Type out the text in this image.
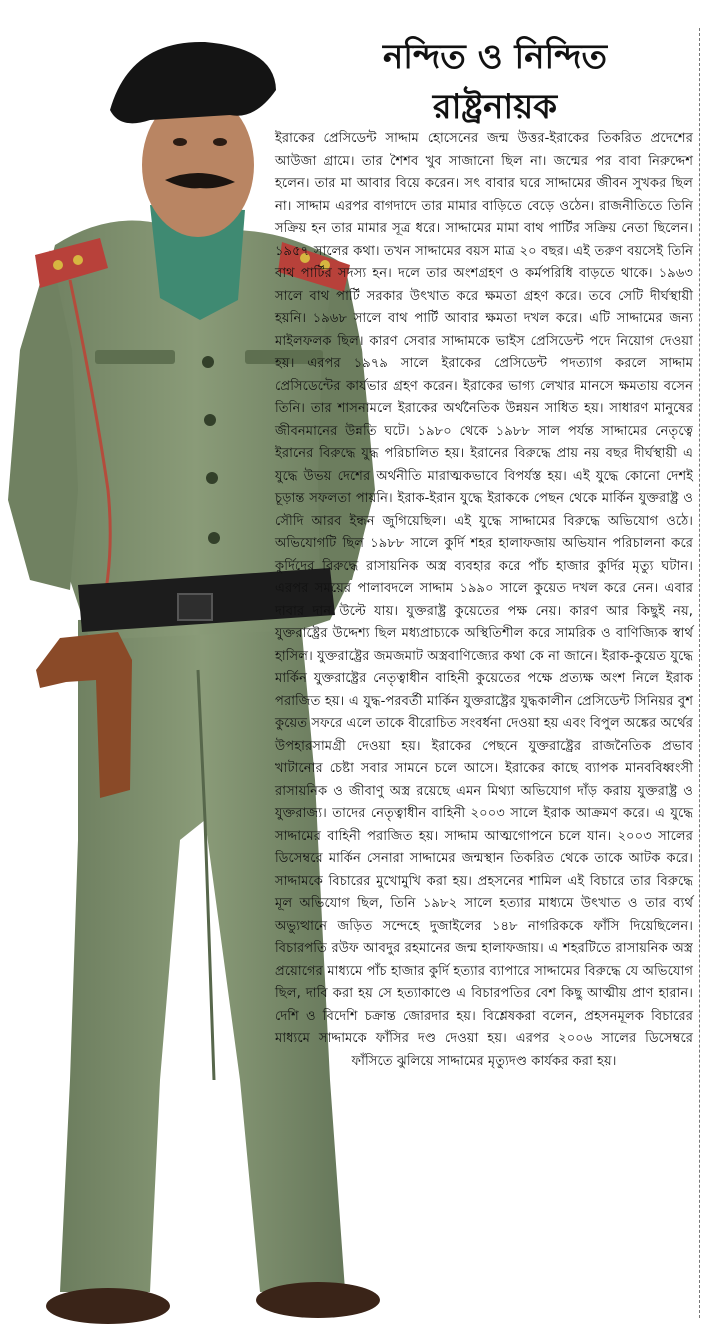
নন্দিত ও নিন্দিত
রাষ্ট্রনায়ক

ইরাকের প্রেসিডেন্ট সাদ্দাম হোসেনের জন্ম উত্তর-ইরাকের তিকরিত প্রদেশের আউজা গ্রামে। তার শৈশব খুব সাজানো ছিল না। জন্মের পর বাবা নিরুদ্দেশ হলেন। তার মা আবার বিয়ে করেন। সৎ বাবার ঘরে সাদ্দামের জীবন সুখকর ছিল না। সাদ্দাম এরপর বাগদাদে তার মামার বাড়িতে বেড়ে ওঠেন। রাজনীতিতে তিনি সক্রিয় হন তার মামার সূত্র ধরে। সাদ্দামের মামা বাথ পার্টির সক্রিয় নেতা ছিলেন। ১৯৫৭ সালের কথা। তখন সাদ্দামের বয়স মাত্র ২০ বছর। এই তরুণ বয়সেই তিনি বাথ পার্টির সদস্য হন। দলে তার অংশগ্রহণ ও কর্মপরিধি বাড়তে থাকে। ১৯৬৩ সালে বাথ পার্টি সরকার উৎখাত করে ক্ষমতা গ্রহণ করে। তবে সেটি দীর্ঘস্থায়ী হয়নি। ১৯৬৮ সালে বাথ পার্টি আবার ক্ষমতা দখল করে। এটি সাদ্দামের জন্য মাইলফলক ছিল। কারণ সেবার সাদ্দামকে ভাইস প্রেসিডেন্ট পদে নিয়োগ দেওয়া হয়। এরপর ১৯৭৯ সালে ইরাকের প্রেসিডেন্ট পদত্যাগ করলে সাদ্দাম প্রেসিডেন্টের কার্যভার গ্রহণ করেন। ইরাকের ভাগ্য লেখার মানসে ক্ষমতায় বসেন তিনি। তার শাসনামলে ইরাকের অর্থনৈতিক উন্নয়ন সাধিত হয়। সাধারণ মানুষের জীবনমানের উন্নতি ঘটে। ১৯৮০ থেকে ১৯৮৮ সাল পর্যন্ত সাদ্দামের নেতৃত্বে ইরানের বিরুদ্ধে যুদ্ধ পরিচালিত হয়। ইরানের বিরুদ্ধে প্রায় নয় বছর দীর্ঘস্থায়ী এ যুদ্ধে উভয় দেশের অর্থনীতি মারাত্মকভাবে বিপর্যস্ত হয়। এই যুদ্ধে কোনো দেশই চূড়ান্ত সফলতা পায়নি। ইরাক-ইরান যুদ্ধে ইরাককে পেছন থেকে মার্কিন যুক্তরাষ্ট্র ও সৌদি আরব ইন্ধন জুগিয়েছিল। এই যুদ্ধে সাদ্দামের বিরুদ্ধে অভিযোগ ওঠে। অভিযোগটি ছিল ১৯৮৮ সালে কুর্দি শহর হালাফজায় অভিযান পরিচালনা করে কুর্দিদের বিরুদ্ধে রাসায়নিক অস্ত্র ব্যবহার করে পাঁচ হাজার কুর্দির মৃত্যু ঘটান। এরপর সময়ের পালাবদলে সাদ্দাম ১৯৯০ সালে কুয়েত দখল করে নেন। এবার দাবার দান উল্টে যায়। যুক্তরাষ্ট্র কুয়েতের পক্ষ নেয়। কারণ আর কিছুই নয়, যুক্তরাষ্ট্রের উদ্দেশ্য ছিল মধ্যপ্রাচ্যকে অস্থিতিশীল করে সামরিক ও বাণিজ্যিক স্বার্থ হাসিল। যুক্তরাষ্ট্রের জমজমাট অস্ত্রবাণিজ্যের কথা কে না জানে। ইরাক-কুয়েত যুদ্ধে মার্কিন যুক্তরাষ্ট্রের নেতৃত্বাধীন বাহিনী কুয়েতের পক্ষে প্রত্যক্ষ অংশ নিলে ইরাক পরাজিত হয়। এ যুদ্ধ-পরবর্তী মার্কিন যুক্তরাষ্ট্রের যুদ্ধকালীন প্রেসিডেন্ট সিনিয়র বুশ কুয়েত সফরে এলে তাকে বীরোচিত সংবর্ধনা দেওয়া হয় এবং বিপুল অঙ্কের অর্থের উপহারসামগ্রী দেওয়া হয়। ইরাকের পেছনে যুক্তরাষ্ট্রের রাজনৈতিক প্রভাব খাটানোর চেষ্টা সবার সামনে চলে আসে। ইরাকের কাছে ব্যাপক মানববিধ্বংসী রাসায়নিক ও জীবাণু অস্ত্র রয়েছে এমন মিথ্যা অভিযোগ দাঁড় করায় যুক্তরাষ্ট্র ও যুক্তরাজ্য। তাদের নেতৃত্বাধীন বাহিনী ২০০৩ সালে ইরাক আক্রমণ করে। এ যুদ্ধে সাদ্দামের বাহিনী পরাজিত হয়। সাদ্দাম আত্মগোপনে চলে যান। ২০০৩ সালের ডিসেম্বরে মার্কিন সেনারা সাদ্দামের জন্মস্থান তিকরিত থেকে তাকে আটক করে। সাদ্দামকে বিচারের মুখোমুখি করা হয়। প্রহসনের শামিল এই বিচারে তার বিরুদ্ধে মূল অভিযোগ ছিল, তিনি ১৯৮২ সালে হত্যার মাধ্যমে উৎখাত ও তার ব্যর্থ অভ্যুত্থানে জড়িত সন্দেহে দুজাইলের ১৪৮ নাগরিককে ফাঁসি দিয়েছিলেন। বিচারপতি রউফ আবদুর রহমানের জন্ম হালাফজায়। এ শহরটিতে রাসায়নিক অস্ত্র প্রয়োগের মাধ্যমে পাঁচ হাজার কুর্দি হত্যার ব্যাপারে সাদ্দামের বিরুদ্ধে যে অভিযোগ ছিল, দাবি করা হয় সে হত্যাকাণ্ডে এ বিচারপতির বেশ কিছু আত্মীয় প্রাণ হারান। দেশি ও বিদেশি চক্রান্ত জোরদার হয়। বিশ্লেষকরা বলেন, প্রহসনমূলক বিচারের মাধ্যমে সাদ্দামকে ফাঁসির দণ্ড দেওয়া হয়। এরপর ২০০৬ সালের ডিসেম্বরে ফাঁসিতে ঝুলিয়ে সাদ্দামের মৃত্যুদণ্ড কার্যকর করা হয়।
